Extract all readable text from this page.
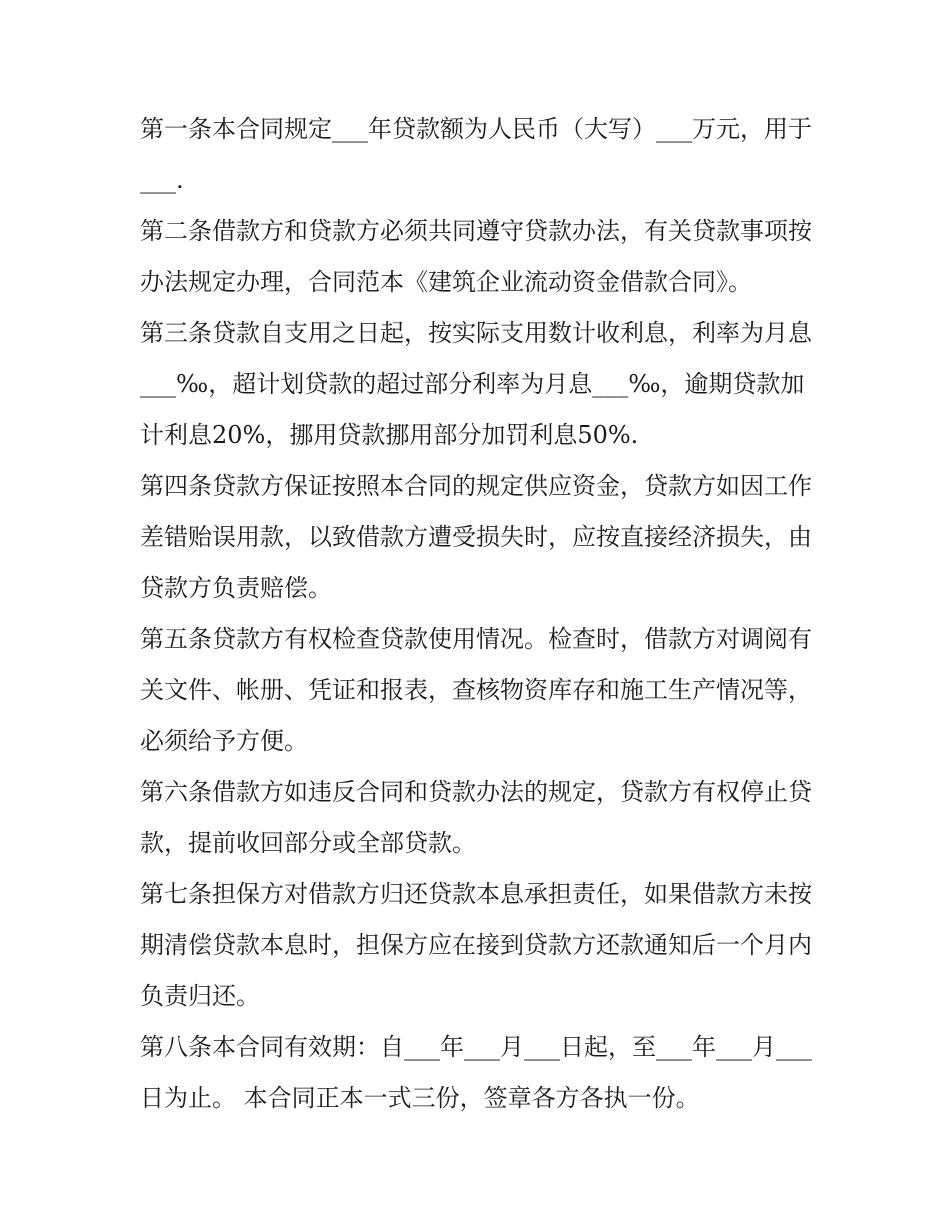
第一条本合同规定___年贷款额为人民币（大写）___万元，用于___.

第二条借款方和贷款方必须共同遵守贷款办法，有关贷款事项按办法规定办理，合同范本《建筑企业流动资金借款合同》。

第三条贷款自支用之日起，按实际支用数计收利息，利率为月息___‰，超计划贷款的超过部分利率为月息___‰，逾期贷款加计利息20%，挪用贷款挪用部分加罚利息50%.

第四条贷款方保证按照本合同的规定供应资金，贷款方如因工作差错贻误用款，以致借款方遭受损失时，应按直接经济损失，由贷款方负责赔偿。

第五条贷款方有权检查贷款使用情况。检查时，借款方对调阅有关文件、帐册、凭证和报表，查核物资库存和施工生产情况等，必须给予方便。

第六条借款方如违反合同和贷款办法的规定，贷款方有权停止贷款，提前收回部分或全部贷款。

第七条担保方对借款方归还贷款本息承担责任，如果借款方未按期清偿贷款本息时，担保方应在接到贷款方还款通知后一个月内负责归还。

第八条本合同有效期：自___年___月___日起，至___年___月___日为止。 本合同正本一式三份，签章各方各执一份。
